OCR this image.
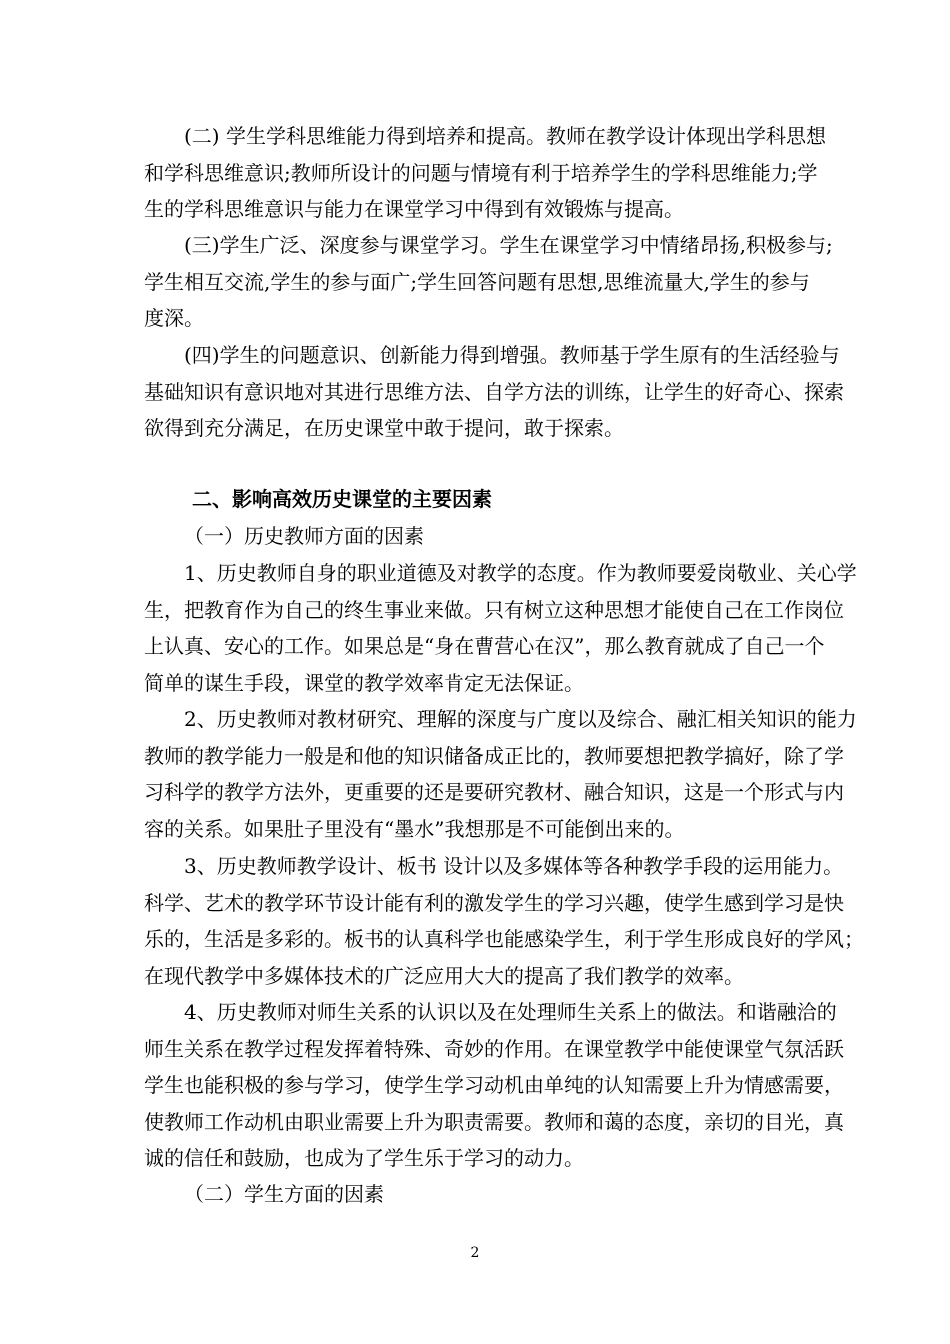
(二) 学生学科思维能力得到培养和提高。教师在教学设计体现出学科思想
和学科思维意识;教师所设计的问题与情境有利于培养学生的学科思维能力;学
生的学科思维意识与能力在课堂学习中得到有效锻炼与提高。
(三)学生广泛、深度参与课堂学习。学生在课堂学习中情绪昂扬,积极参与;
学生相互交流,学生的参与面广;学生回答问题有思想,思维流量大,学生的参与
度深。
(四)学生的问题意识、创新能力得到增强。教师基于学生原有的生活经验与
基础知识有意识地对其进行思维方法、自学方法的训练，让学生的好奇心、探索
欲得到充分满足，在历史课堂中敢于提问，敢于探索。

二、影响高效历史课堂的主要因素

（一）历史教师方面的因素

1、历史教师自身的职业道德及对教学的态度。作为教师要爱岗敬业、关心学
生，把教育作为自己的终生事业来做。只有树立这种思想才能使自己在工作岗位
上认真、安心的工作。如果总是“身在曹营心在汉”，那么教育就成了自己一个
简单的谋生手段，课堂的教学效率肯定无法保证。
2、历史教师对教材研究、理解的深度与广度以及综合、融汇相关知识的能力
教师的教学能力一般是和他的知识储备成正比的，教师要想把教学搞好，除了学
习科学的教学方法外，更重要的还是要研究教材、融合知识，这是一个形式与内
容的关系。如果肚子里没有“墨水”我想那是不可能倒出来的。
3、历史教师教学设计、板书 设计以及多媒体等各种教学手段的运用能力。
科学、艺术的教学环节设计能有利的激发学生的学习兴趣，使学生感到学习是快
乐的，生活是多彩的。板书的认真科学也能感染学生，利于学生形成良好的学风；
在现代教学中多媒体技术的广泛应用大大的提高了我们教学的效率。
4、历史教师对师生关系的认识以及在处理师生关系上的做法。和谐融洽的
师生关系在教学过程发挥着特殊、奇妙的作用。在课堂教学中能使课堂气氛活跃
学生也能积极的参与学习，使学生学习动机由单纯的认知需要上升为情感需要，
使教师工作动机由职业需要上升为职责需要。教师和蔼的态度，亲切的目光，真
诚的信任和鼓励，也成为了学生乐于学习的动力。

（二）学生方面的因素

2
